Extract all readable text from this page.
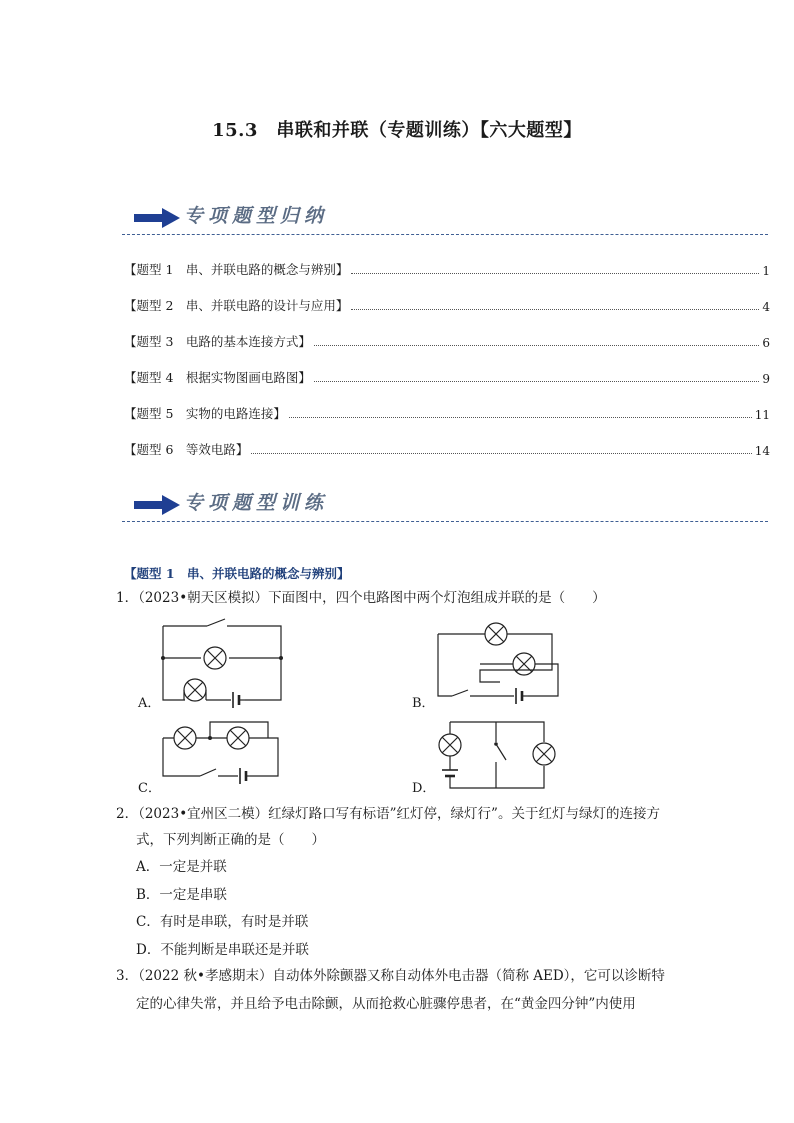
15.3　串联和并联（专题训练）【六大题型】
专项题型归纳
【题型 1　串、并联电路的概念与辨别】	1
【题型 2　串、并联电路的设计与应用】	4
【题型 3　电路的基本连接方式】	6
【题型 4　根据实物图画电路图】	9
【题型 5　实物的电路连接】	11
【题型 6　等效电路】	14
专项题型训练
【题型 1　串、并联电路的概念与辨别】
1．（2023•朝天区模拟）下面图中，四个电路图中两个灯泡组成并联的是（　　）
A．	B．
C．	D．
2．（2023•宜州区二模）红绿灯路口写有标语”红灯停，绿灯行”。关于红灯与绿灯的连接方
式，下列判断正确的是（　　）
A．一定是并联
B．一定是串联
C．有时是串联，有时是并联
D．不能判断是串联还是并联
3．（2022 秋•孝感期末）自动体外除颤器又称自动体外电击器（简称 AED），它可以诊断特
定的心律失常，并且给予电击除颤，从而抢救心脏骤停患者，在“黄金四分钟”内使用
